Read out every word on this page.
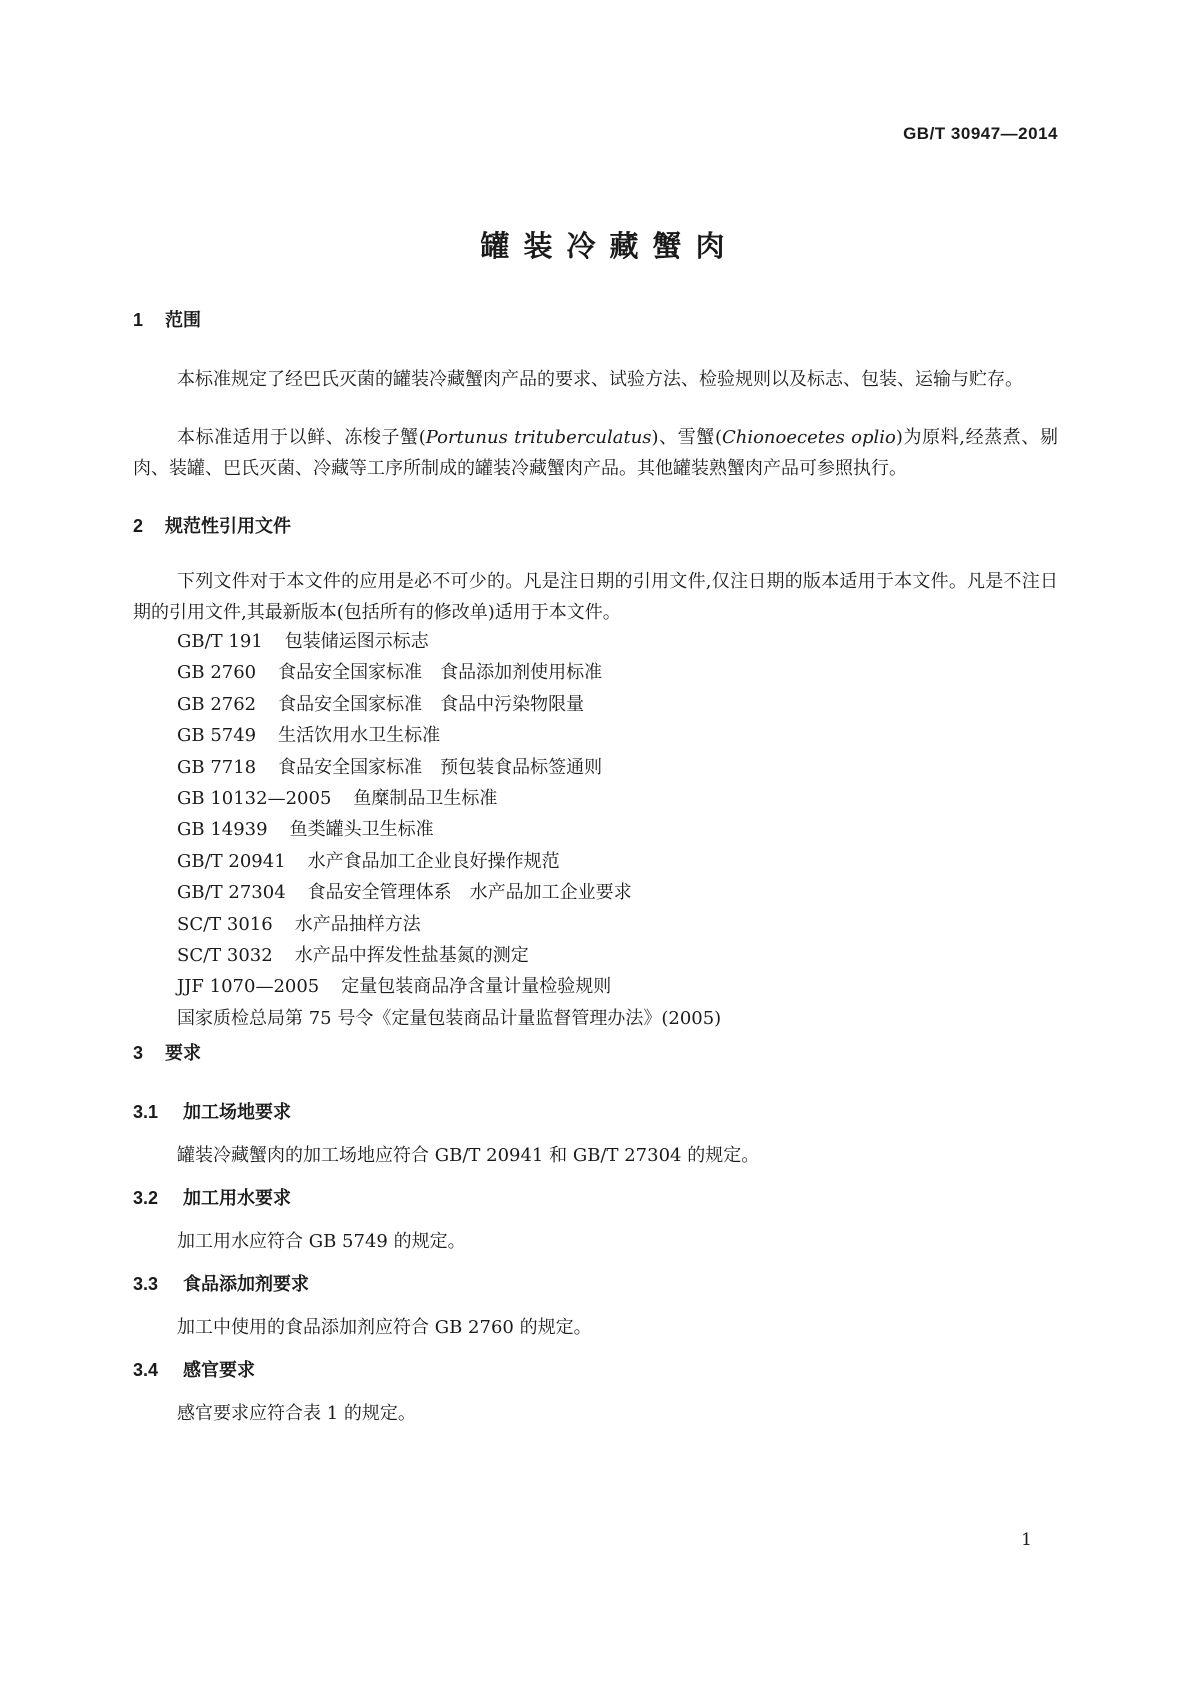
GB/T 30947—2014
罐装冷藏蟹肉
1 范围
本标准规定了经巴氏灭菌的罐装冷藏蟹肉产品的要求、试验方法、检验规则以及标志、包装、运输与贮存。
本标准适用于以鲜、冻梭子蟹(Portunus trituberculatus)、雪蟹(Chionoecetes oplio)为原料,经蒸煮、剔肉、装罐、巴氏灭菌、冷藏等工序所制成的罐装冷藏蟹肉产品。其他罐装熟蟹肉产品可参照执行。
2 规范性引用文件
下列文件对于本文件的应用是必不可少的。凡是注日期的引用文件,仅注日期的版本适用于本文件。凡是不注日期的引用文件,其最新版本(包括所有的修改单)适用于本文件。
GB/T 191 包装储运图示标志
GB 2760 食品安全国家标准　食品添加剂使用标准
GB 2762 食品安全国家标准　食品中污染物限量
GB 5749 生活饮用水卫生标准
GB 7718 食品安全国家标准　预包装食品标签通则
GB 10132—2005 鱼糜制品卫生标准
GB 14939 鱼类罐头卫生标准
GB/T 20941 水产食品加工企业良好操作规范
GB/T 27304 食品安全管理体系　水产品加工企业要求
SC/T 3016 水产品抽样方法
SC/T 3032 水产品中挥发性盐基氮的测定
JJF 1070—2005 定量包装商品净含量计量检验规则
国家质检总局第 75 号令《定量包装商品计量监督管理办法》(2005)
3 要求
3.1 加工场地要求
罐装冷藏蟹肉的加工场地应符合 GB/T 20941 和 GB/T 27304 的规定。
3.2 加工用水要求
加工用水应符合 GB 5749 的规定。
3.3 食品添加剂要求
加工中使用的食品添加剂应符合 GB 2760 的规定。
3.4 感官要求
感官要求应符合表 1 的规定。
1
